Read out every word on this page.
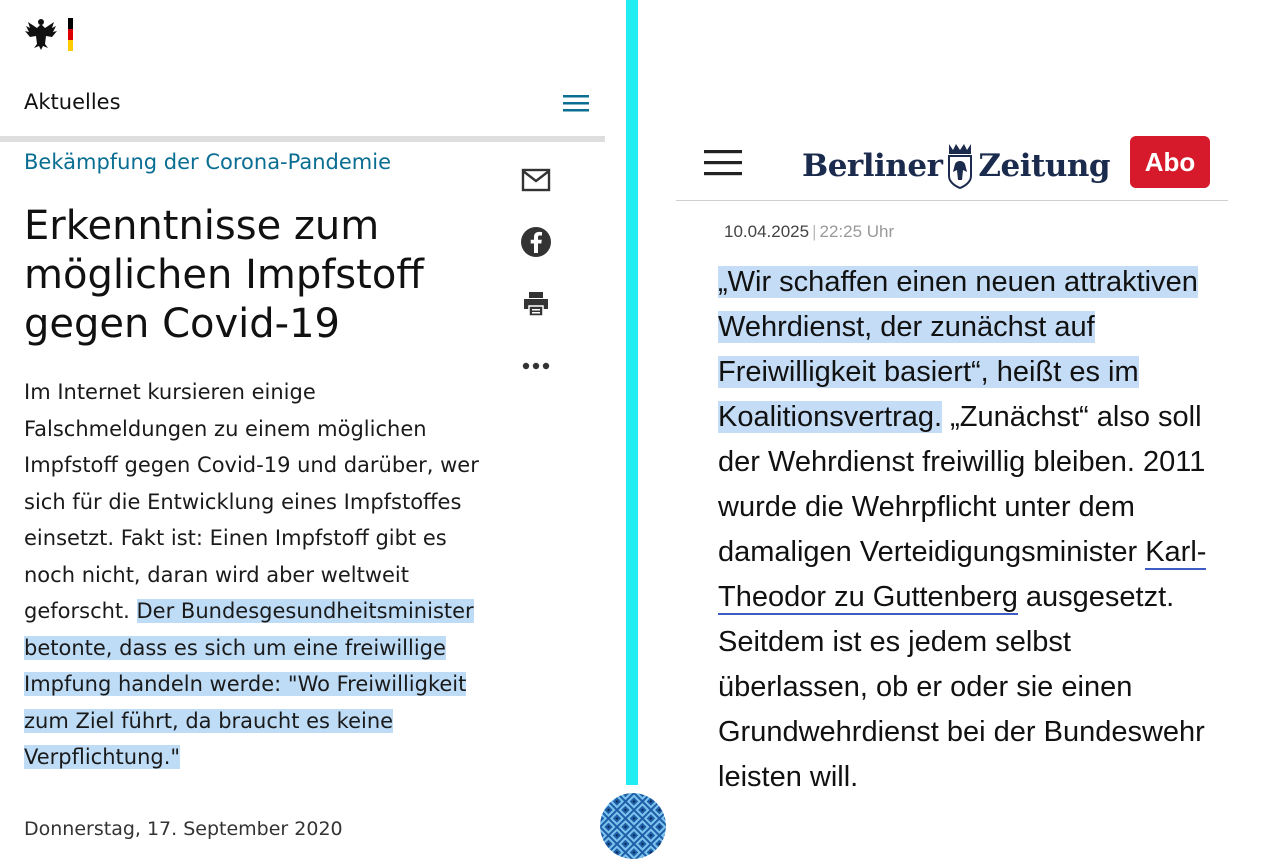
Aktuelles
Bekämpfung der Corona-Pandemie
Erkenntnisse zum möglichen Impfstoff gegen Covid-19
Im Internet kursieren einige Falschmeldungen zu einem möglichen Impfstoff gegen Covid-19 und darüber, wer sich für die Entwicklung eines Impfstoffes einsetzt. Fakt ist: Einen Impfstoff gibt es noch nicht, daran wird aber weltweit geforscht. Der Bundesgesundheitsminister betonte, dass es sich um eine freiwillige Impfung handeln werde: "Wo Freiwilligkeit zum Ziel führt, da braucht es keine Verpflichtung."
Donnerstag, 17. September 2020
Berliner Zeitung	Abo
10.04.2025 | 22:25 Uhr
„Wir schaffen einen neuen attraktiven Wehrdienst, der zunächst auf Freiwilligkeit basiert“, heißt es im Koalitionsvertrag. „Zunächst“ also soll der Wehrdienst freiwillig bleiben. 2011 wurde die Wehrpflicht unter dem damaligen Verteidigungsminister Karl-Theodor zu Guttenberg ausgesetzt. Seitdem ist es jedem selbst überlassen, ob er oder sie einen Grundwehrdienst bei der Bundeswehr leisten will.
